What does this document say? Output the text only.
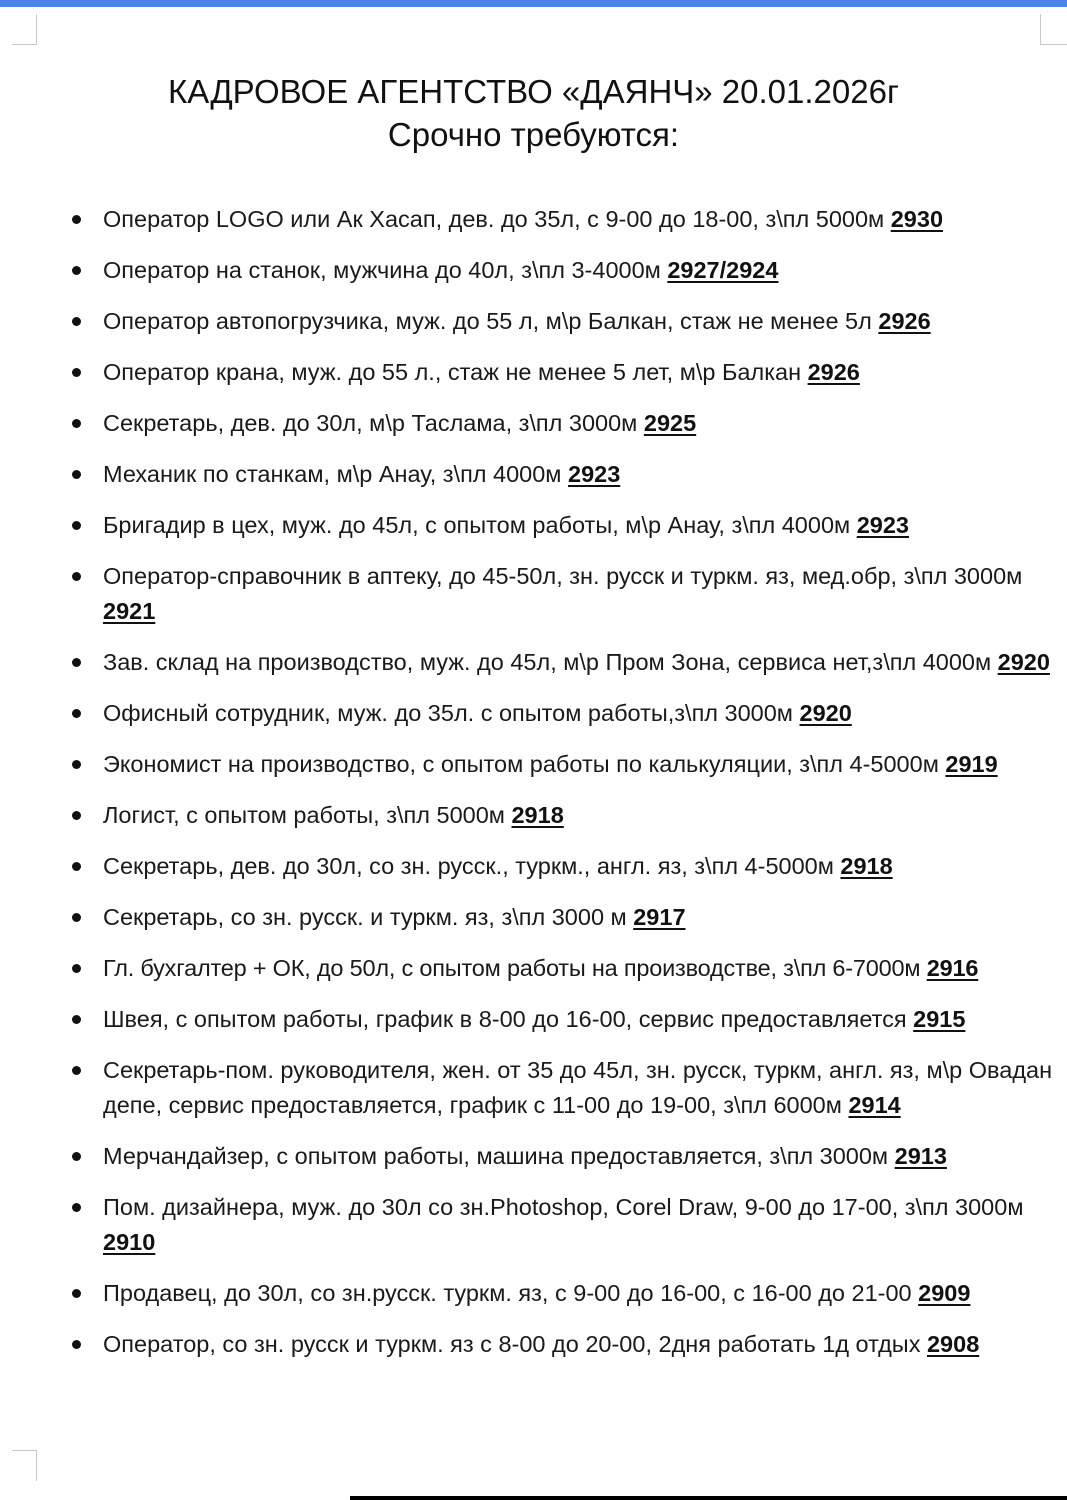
КАДРОВОЕ АГЕНТСТВО «ДАЯНЧ» 20.01.2026г
Срочно требуются:
Оператор LOGO или Ак Хасап, дев. до 35л, с 9-00 до 18-00, з\пл 5000м 2930
Оператор на станок, мужчина до 40л, з\пл 3-4000м 2927/2924
Оператор автопогрузчика, муж. до 55 л, м\р Балкан, стаж не менее 5л 2926
Оператор крана, муж. до 55 л., стаж не менее 5 лет, м\р Балкан 2926
Секретарь, дев. до 30л, м\р Таслама, з\пл 3000м 2925
Механик по станкам, м\р Анау, з\пл 4000м 2923
Бригадир в цех, муж. до 45л, с опытом работы, м\р Анау, з\пл 4000м 2923
Оператор-справочник в аптеку, до 45-50л, зн. русск и туркм. яз, мед.обр, з\пл 3000м 2921
Зав. склад на производство, муж. до 45л, м\р Пром Зона, сервиса нет,з\пл 4000м 2920
Офисный сотрудник, муж. до 35л. с опытом работы,з\пл 3000м 2920
Экономист на производство, с опытом работы по калькуляции, з\пл 4-5000м 2919
Логист, с опытом работы, з\пл 5000м 2918
Секретарь, дев. до 30л, со зн. русск., туркм., англ. яз, з\пл 4-5000м 2918
Секретарь, со зн. русск. и туркм. яз, з\пл 3000 м 2917
Гл. бухгалтер + ОК, до 50л, с опытом работы на производстве, з\пл 6-7000м 2916
Швея, с опытом работы, график в 8-00 до 16-00, сервис предоставляется 2915
Секретарь-пом. руководителя, жен. от 35 до 45л, зн. русск, туркм, англ. яз, м\р Овадан депе, сервис предоставляется, график с 11-00 до 19-00, з\пл 6000м 2914
Мерчандайзер, с опытом работы, машина предоставляется, з\пл 3000м 2913
Пом. дизайнера, муж. до 30л со зн.Photoshop, Corel Draw, 9-00 до 17-00, з\пл 3000м 2910
Продавец, до 30л, со зн.русск. туркм. яз, с 9-00 до 16-00, с 16-00 до 21-00 2909
Оператор, со зн. русск и туркм. яз с 8-00 до 20-00, 2дня работать 1д отдых 2908
